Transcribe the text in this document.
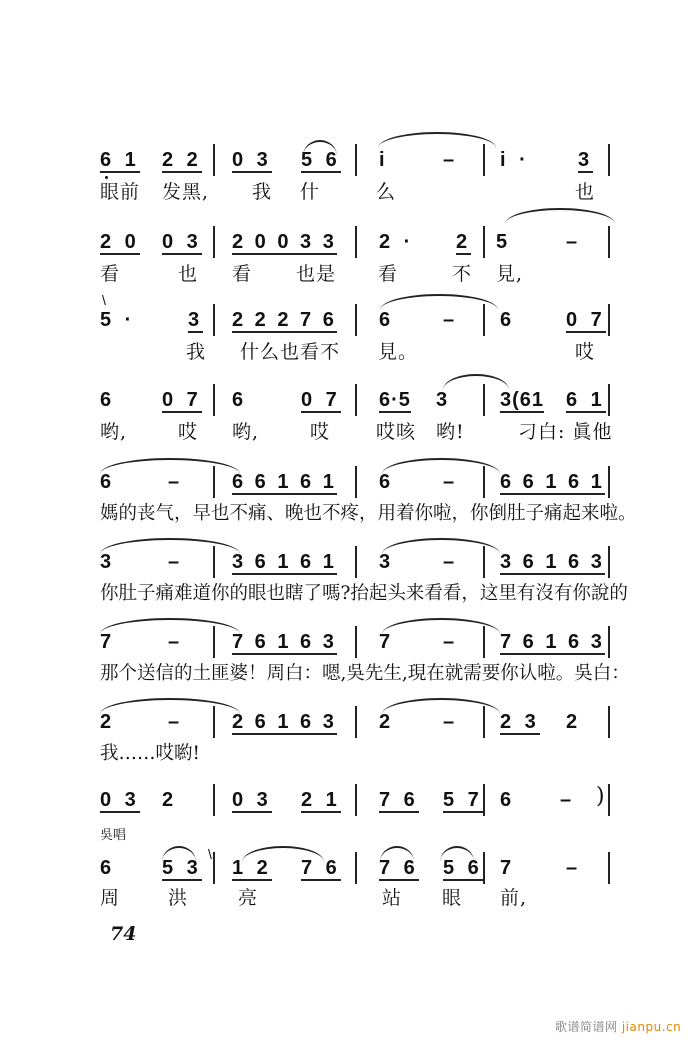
6 1 2 2 0 3 5 6 i	– i · 3
眼前 发黑, 我 什	么	也
2 0 0 3 2 0 0 3 3 2 · 2 5	–
看	也 看 也是 看	不 見,
\
5 ·	3 2 2 2 7 6 6 – 6	0 7
我 什么也看不 見。	哎
6 0 7 6	0 7 6·5 3 3(61 6 1
哟,	哎 哟,	哎 哎咳 哟!	刁白: 眞他
6	– 6 6 1 6 1 6 – 6 6 1 6 1
媽的丧气，早也不痛、晚也不疼，用着你啦，你倒肚子痛起来啦。
3	– 3 6 1 6 1 3 – 3 6 1 6 3
你肚子痛难道你的眼也瞎了嗎?抬起头来看看，这里有沒有你說的
7	– 7 6 1 6 3 7 – 7 6 1 6 3
那个送信的土匪婆！周白：嗯,吳先生,現在就需要你认啦。吳白：
2	– 2 6 1 6 3 2 – 2 3 2
我……哎喲!
0 3 2	0 3 2 1 7 6 5 7 6 – )
吳唱
\
6 5 3 1 2 7 6 7 6 5 6 7	–
周	洪	亮	站 眼 前,
74
歌谱简谱网 jianpu.cn
